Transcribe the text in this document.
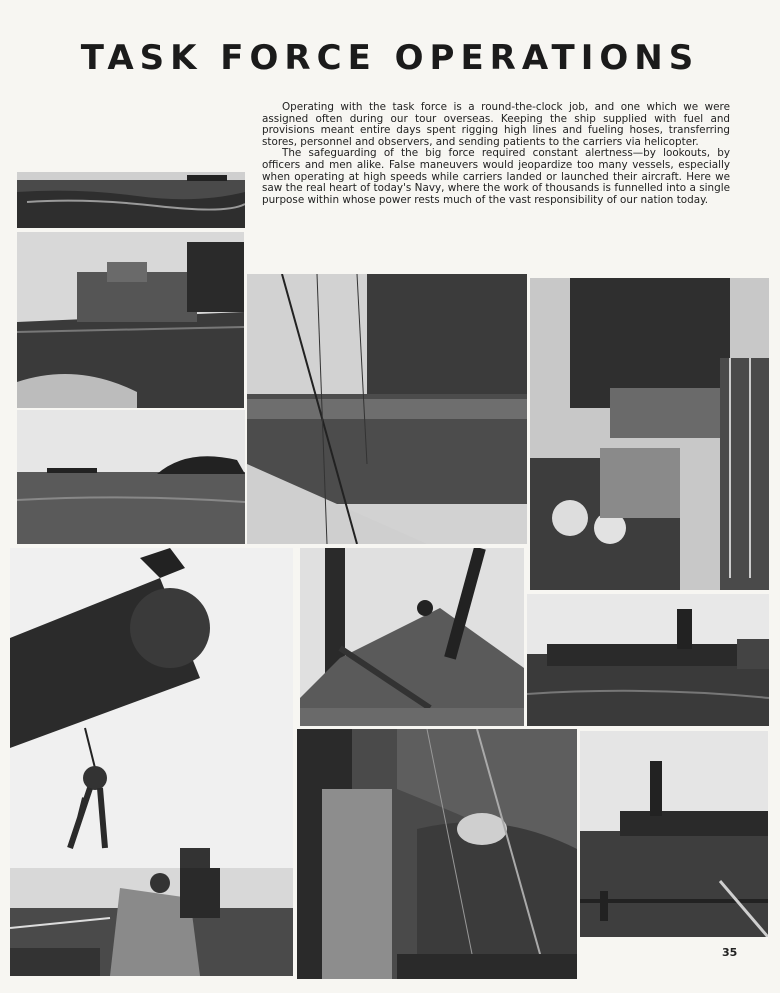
TASK FORCE OPERATIONS

Operating with the task force is a round-the-clock job, and one which we were assigned often during our tour overseas. Keeping the ship supplied with fuel and provisions meant entire days spent rigging high lines and fueling hoses, transferring stores, personnel and observers, and sending patients to the carriers via helicopter.

The safeguarding of the big force required constant alertness—by lookouts, by officers and men alike. False maneuvers would jeopardize too many vessels, especially when operating at high speeds while carriers landed or launched their aircraft. Here we saw the real heart of today's Navy, where the work of thousands is funnelled into a single purpose within whose power rests much of the vast responsibility of our nation today.

35
